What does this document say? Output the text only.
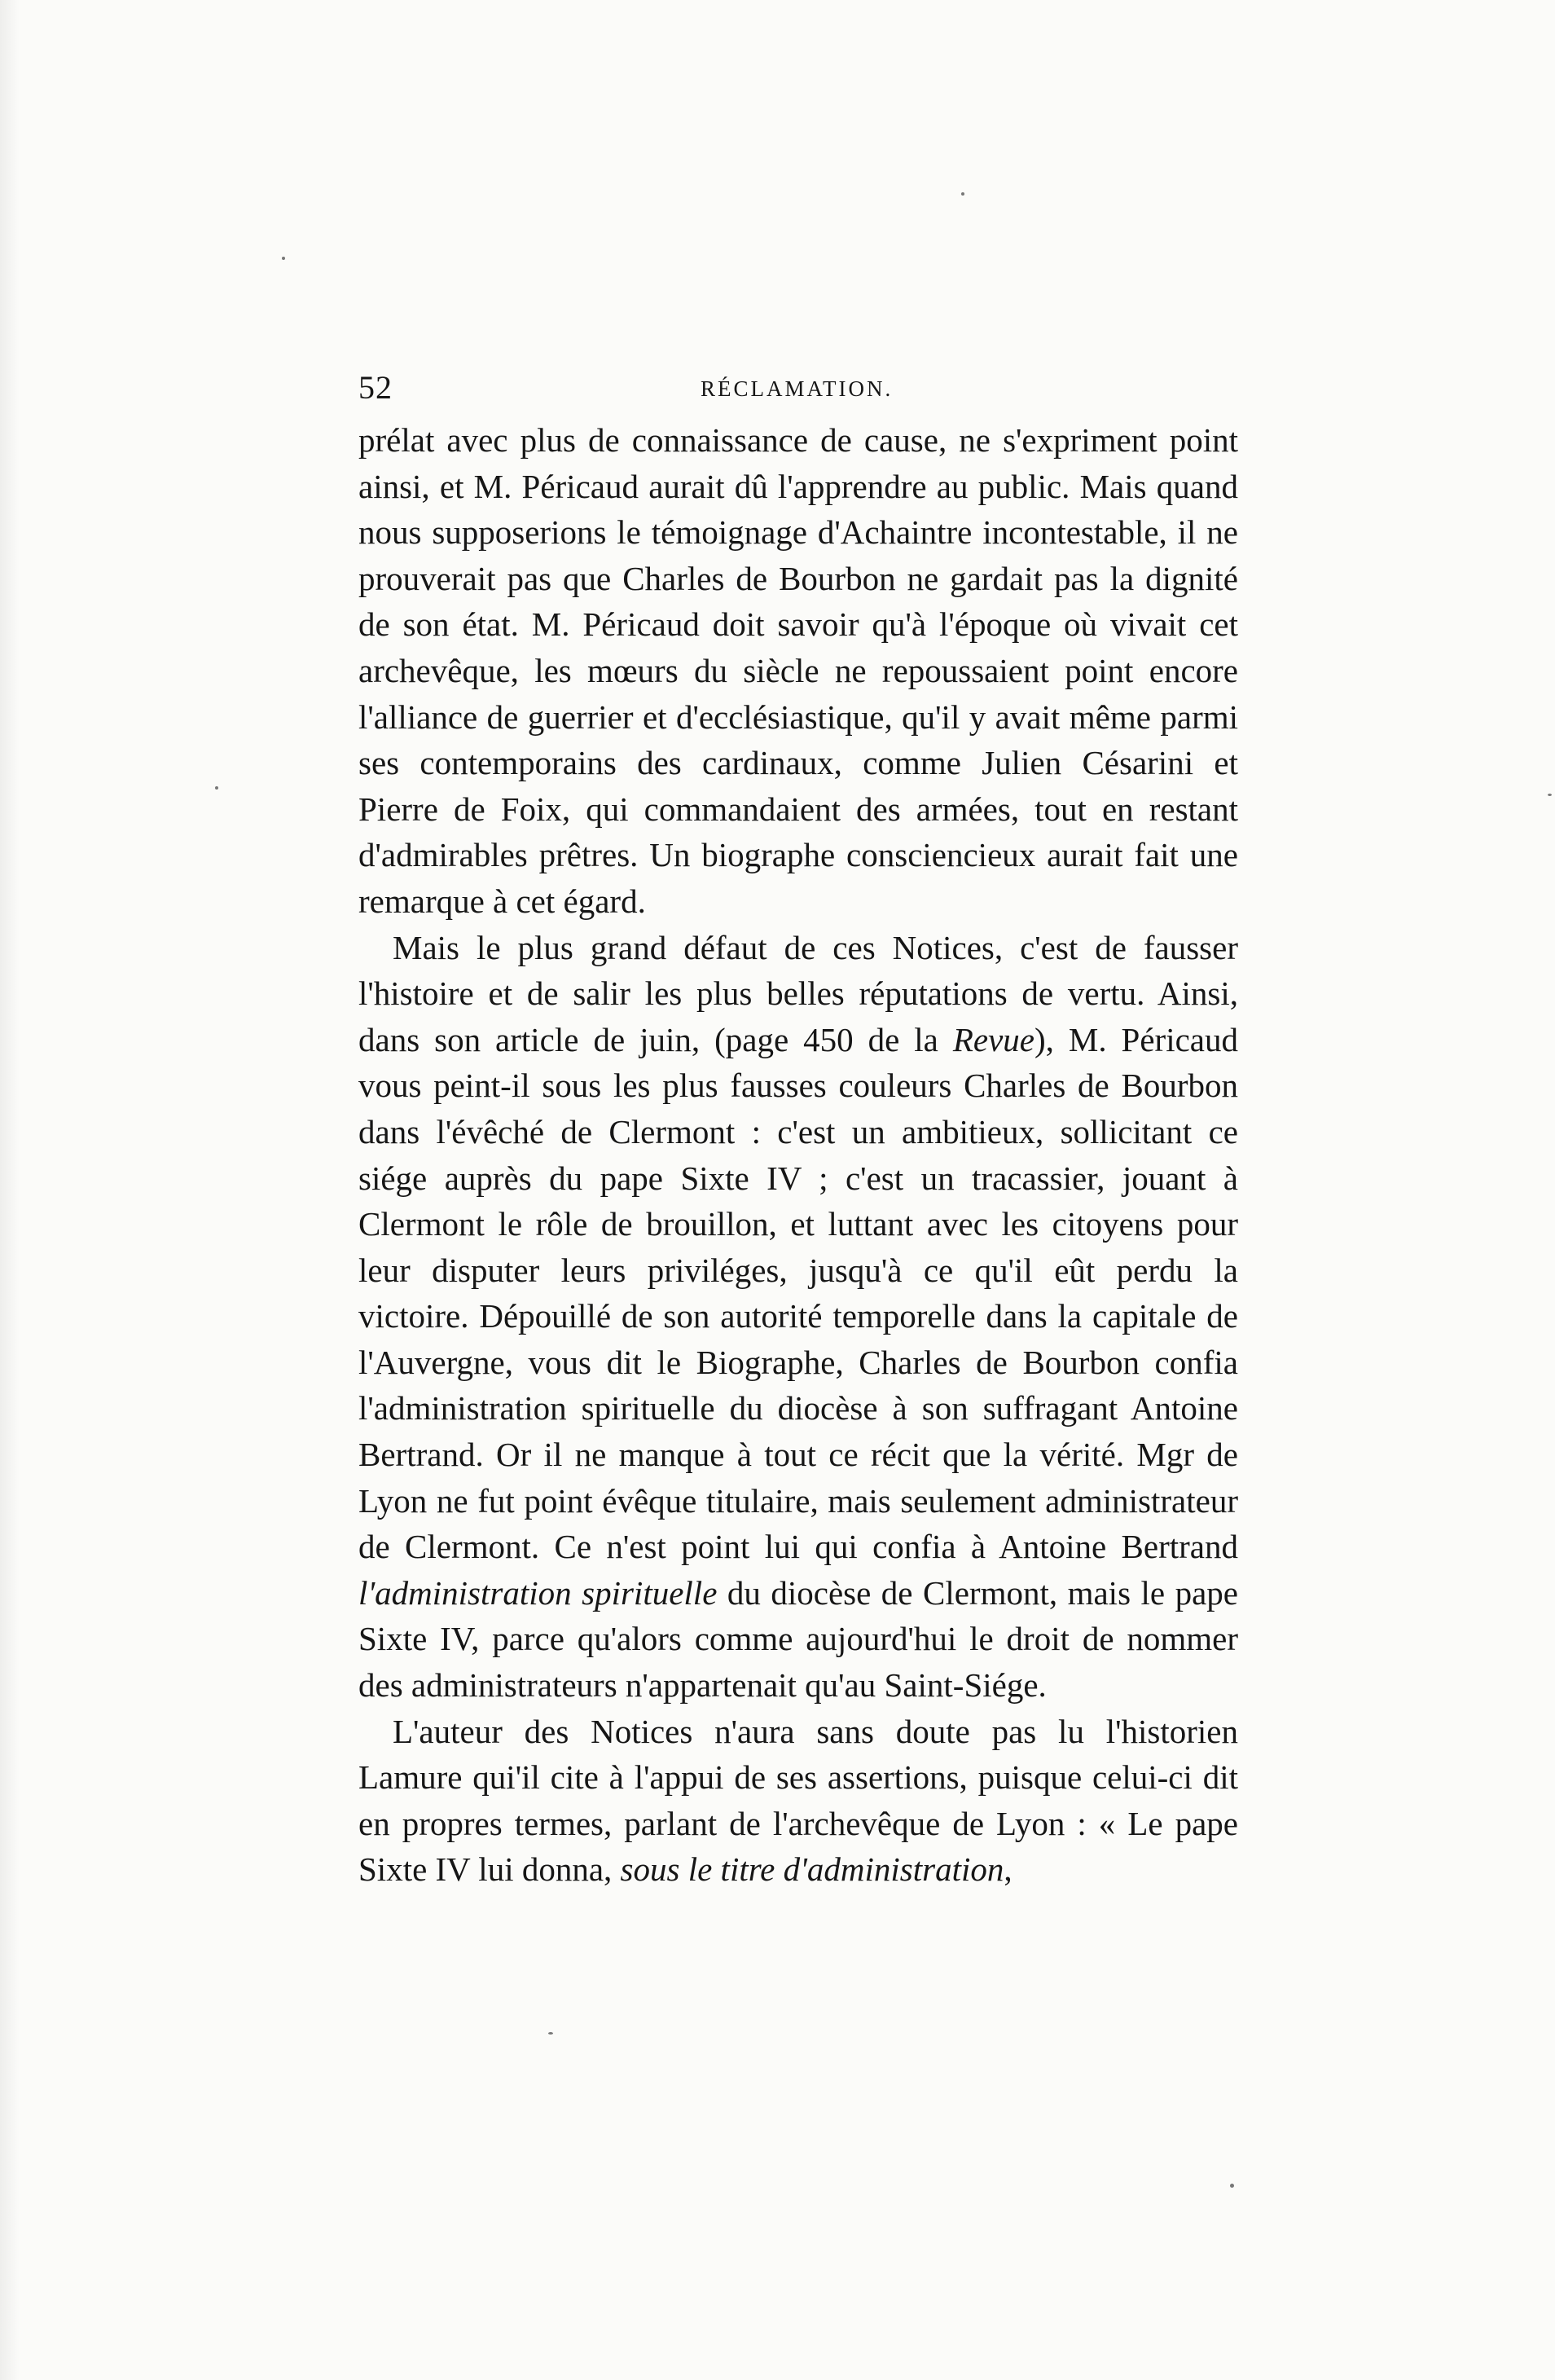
52	RÉCLAMATION.

prélat avec plus de connaissance de cause, ne s'expriment point ainsi, et M. Péricaud aurait dû l'apprendre au public. Mais quand nous supposerions le témoignage d'Achaintre incontestable, il ne prouverait pas que Charles de Bourbon ne gardait pas la dignité de son état. M. Péricaud doit savoir qu'à l'époque où vivait cet archevêque, les mœurs du siècle ne repoussaient point encore l'alliance de guerrier et d'ecclésiastique, qu'il y avait même parmi ses contemporains des cardinaux, comme Julien Césarini et Pierre de Foix, qui commandaient des armées, tout en restant d'admirables prêtres. Un biographe consciencieux aurait fait une remarque à cet égard.

Mais le plus grand défaut de ces Notices, c'est de fausser l'histoire et de salir les plus belles réputations de vertu. Ainsi, dans son article de juin, (page 450 de la Revue), M. Péricaud vous peint-il sous les plus fausses couleurs Charles de Bourbon dans l'évêché de Clermont : c'est un ambitieux, sollicitant ce siége auprès du pape Sixte IV ; c'est un tracassier, jouant à Clermont le rôle de brouillon, et luttant avec les citoyens pour leur disputer leurs priviléges, jusqu'à ce qu'il eût perdu la victoire. Dépouillé de son autorité temporelle dans la capitale de l'Auvergne, vous dit le Biographe, Charles de Bourbon confia l'administration spirituelle du diocèse à son suffragant Antoine Bertrand. Or il ne manque à tout ce récit que la vérité. Mgr de Lyon ne fut point évêque titulaire, mais seulement administrateur de Clermont. Ce n'est point lui qui confia à Antoine Bertrand l'administration spirituelle du diocèse de Clermont, mais le pape Sixte IV, parce qu'alors comme aujourd'hui le droit de nommer des administrateurs n'appartenait qu'au Saint-Siége.

L'auteur des Notices n'aura sans doute pas lu l'historien Lamure qui'il cite à l'appui de ses assertions, puisque celui-ci dit en propres termes, parlant de l'archevêque de Lyon : « Le pape Sixte IV lui donna, sous le titre d'administration,
